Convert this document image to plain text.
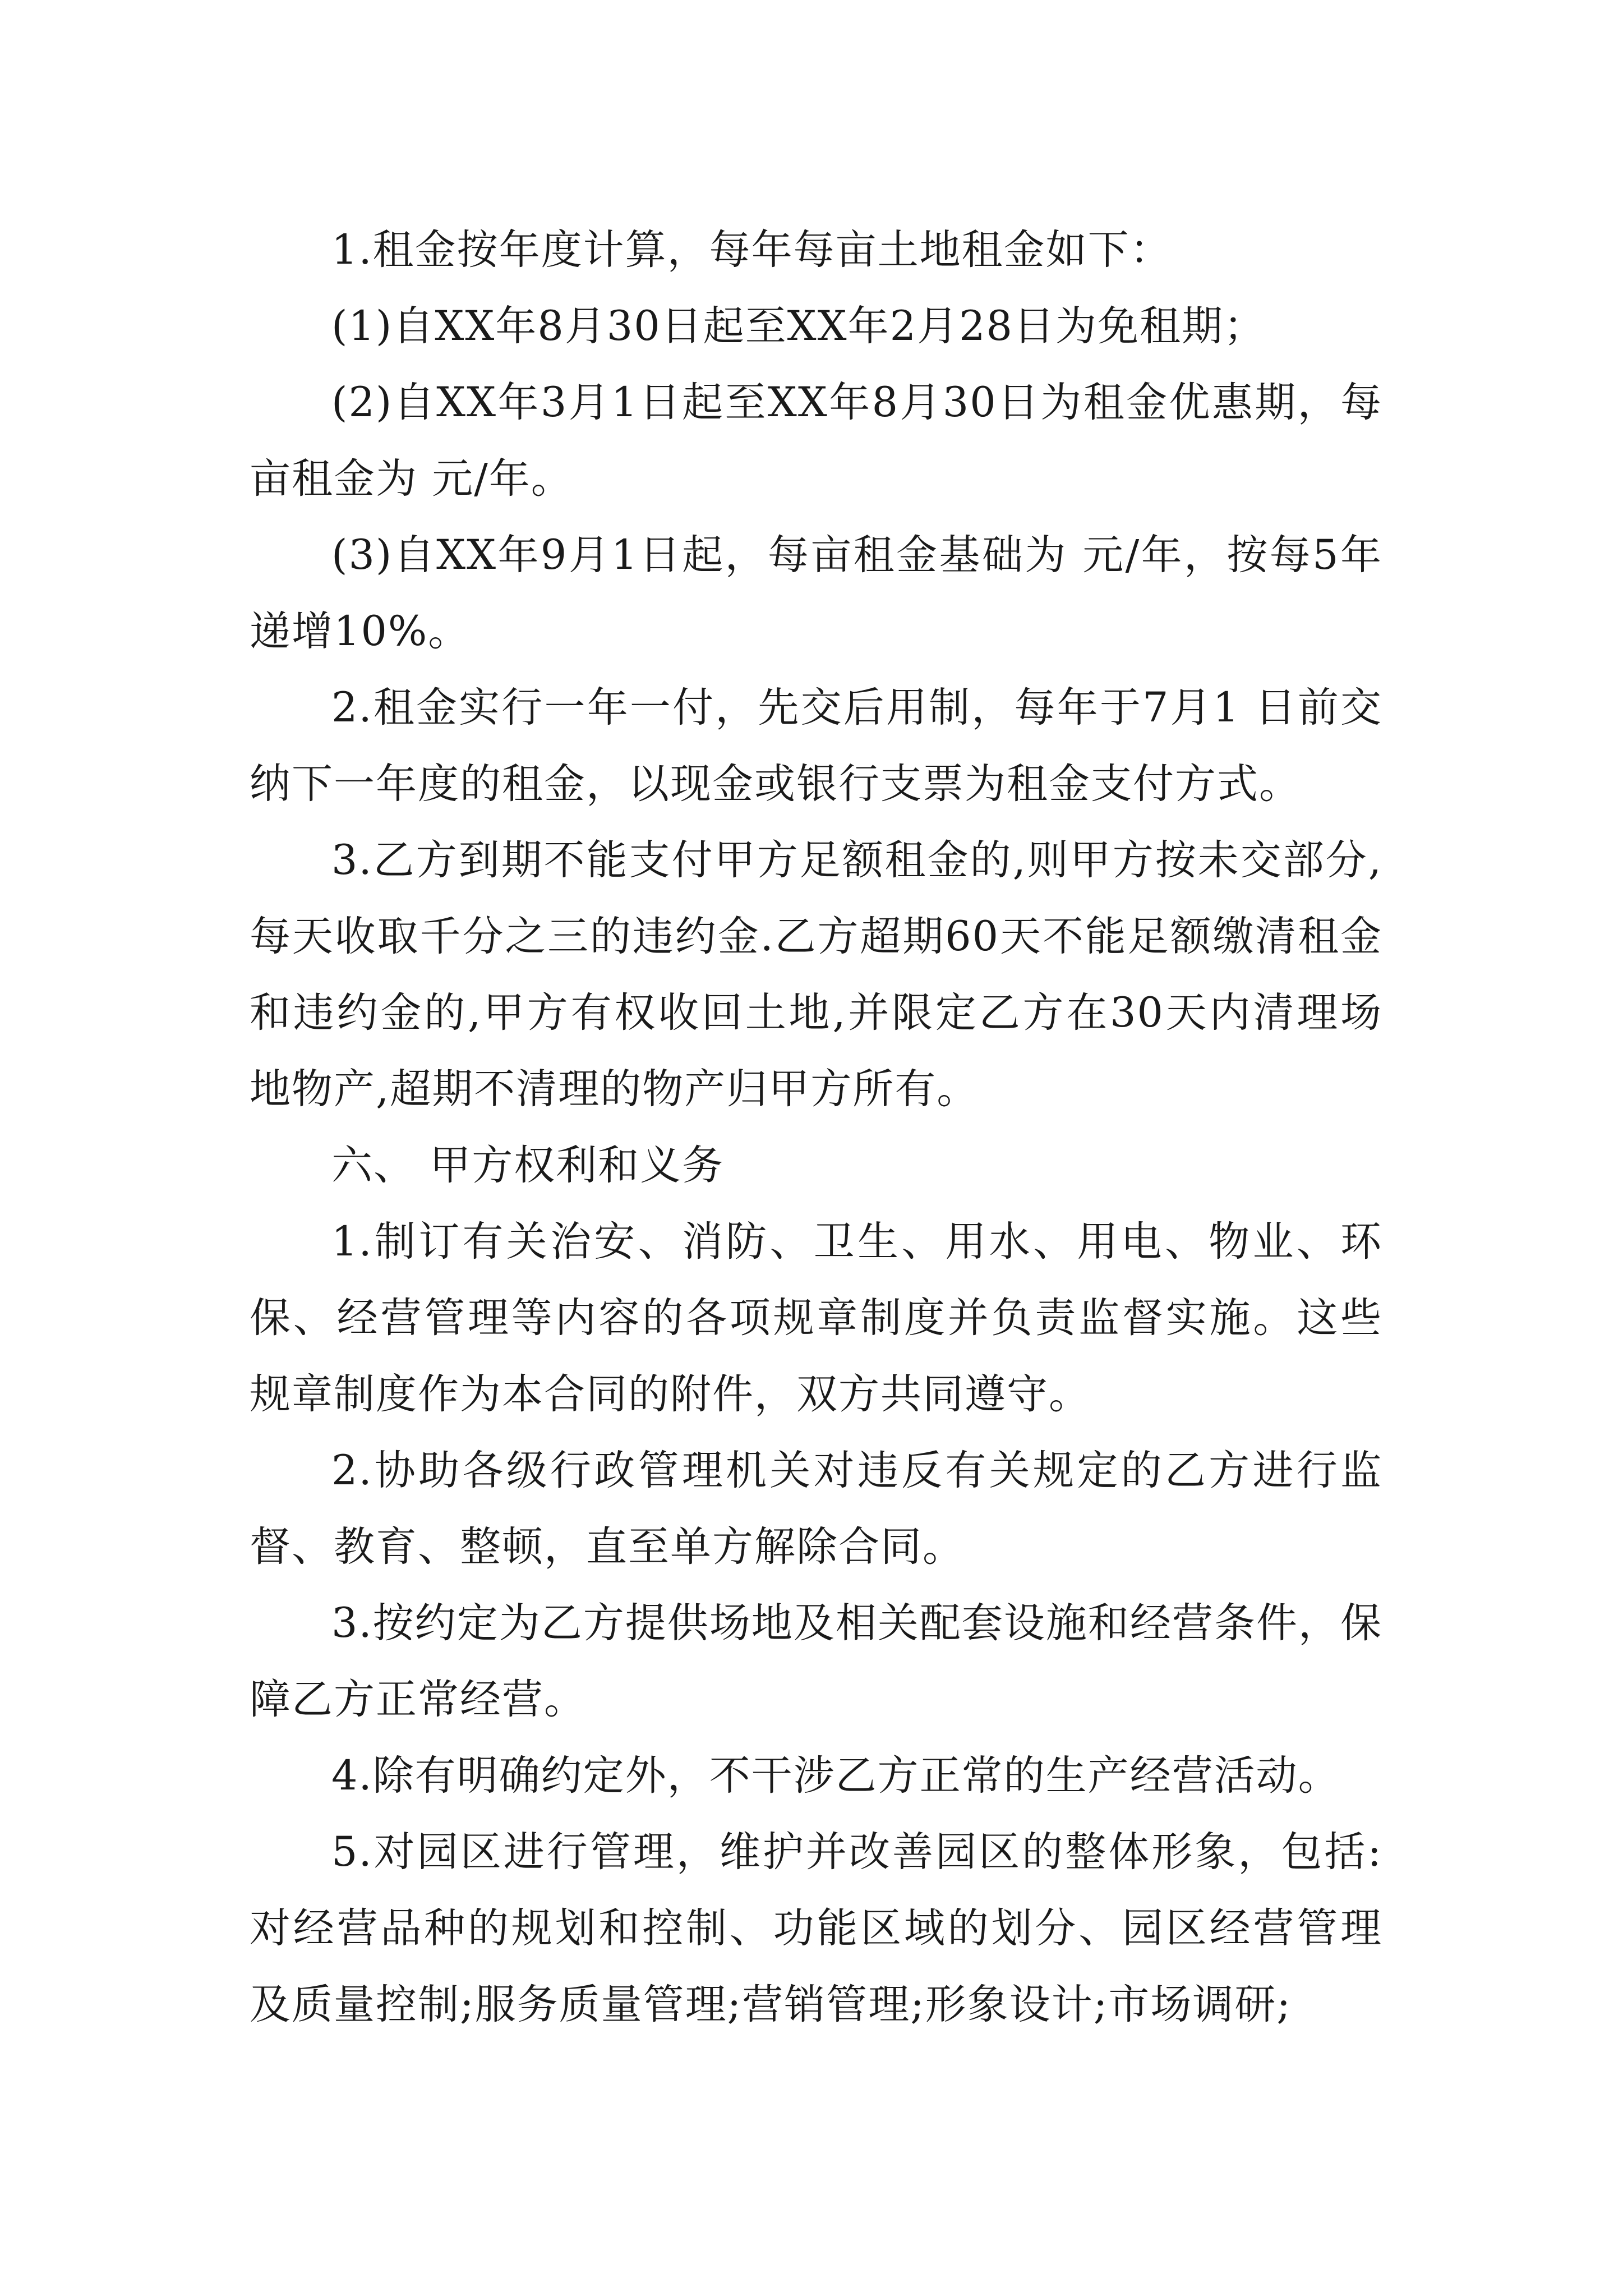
1.租金按年度计算，每年每亩土地租金如下：

(1)自XX年8月30日起至XX年2月28日为免租期；

(2)自XX年3月1日起至XX年8月30日为租金优惠期，每亩租金为 元/年。

(3)自XX年9月1日起，每亩租金基础为 元/年，按每5年递增10%。

2.租金实行一年一付，先交后用制，每年于7月1 日前交纳下一年度的租金，以现金或银行支票为租金支付方式。

3.乙方到期不能支付甲方足额租金的,则甲方按未交部分,每天收取千分之三的违约金.乙方超期60天不能足额缴清租金和违约金的,甲方有权收回土地,并限定乙方在30天内清理场地物产,超期不清理的物产归甲方所有。

六、 甲方权利和义务

1.制订有关治安、消防、卫生、用水、用电、物业、环保、经营管理等内容的各项规章制度并负责监督实施。这些规章制度作为本合同的附件，双方共同遵守。

2.协助各级行政管理机关对违反有关规定的乙方进行监督、教育、整顿，直至单方解除合同。

3.按约定为乙方提供场地及相关配套设施和经营条件，保障乙方正常经营。

4.除有明确约定外，不干涉乙方正常的生产经营活动。

5.对园区进行管理，维护并改善园区的整体形象，包括:对经营品种的规划和控制、功能区域的划分、园区经营管理及质量控制;服务质量管理;营销管理;形象设计;市场调研;
